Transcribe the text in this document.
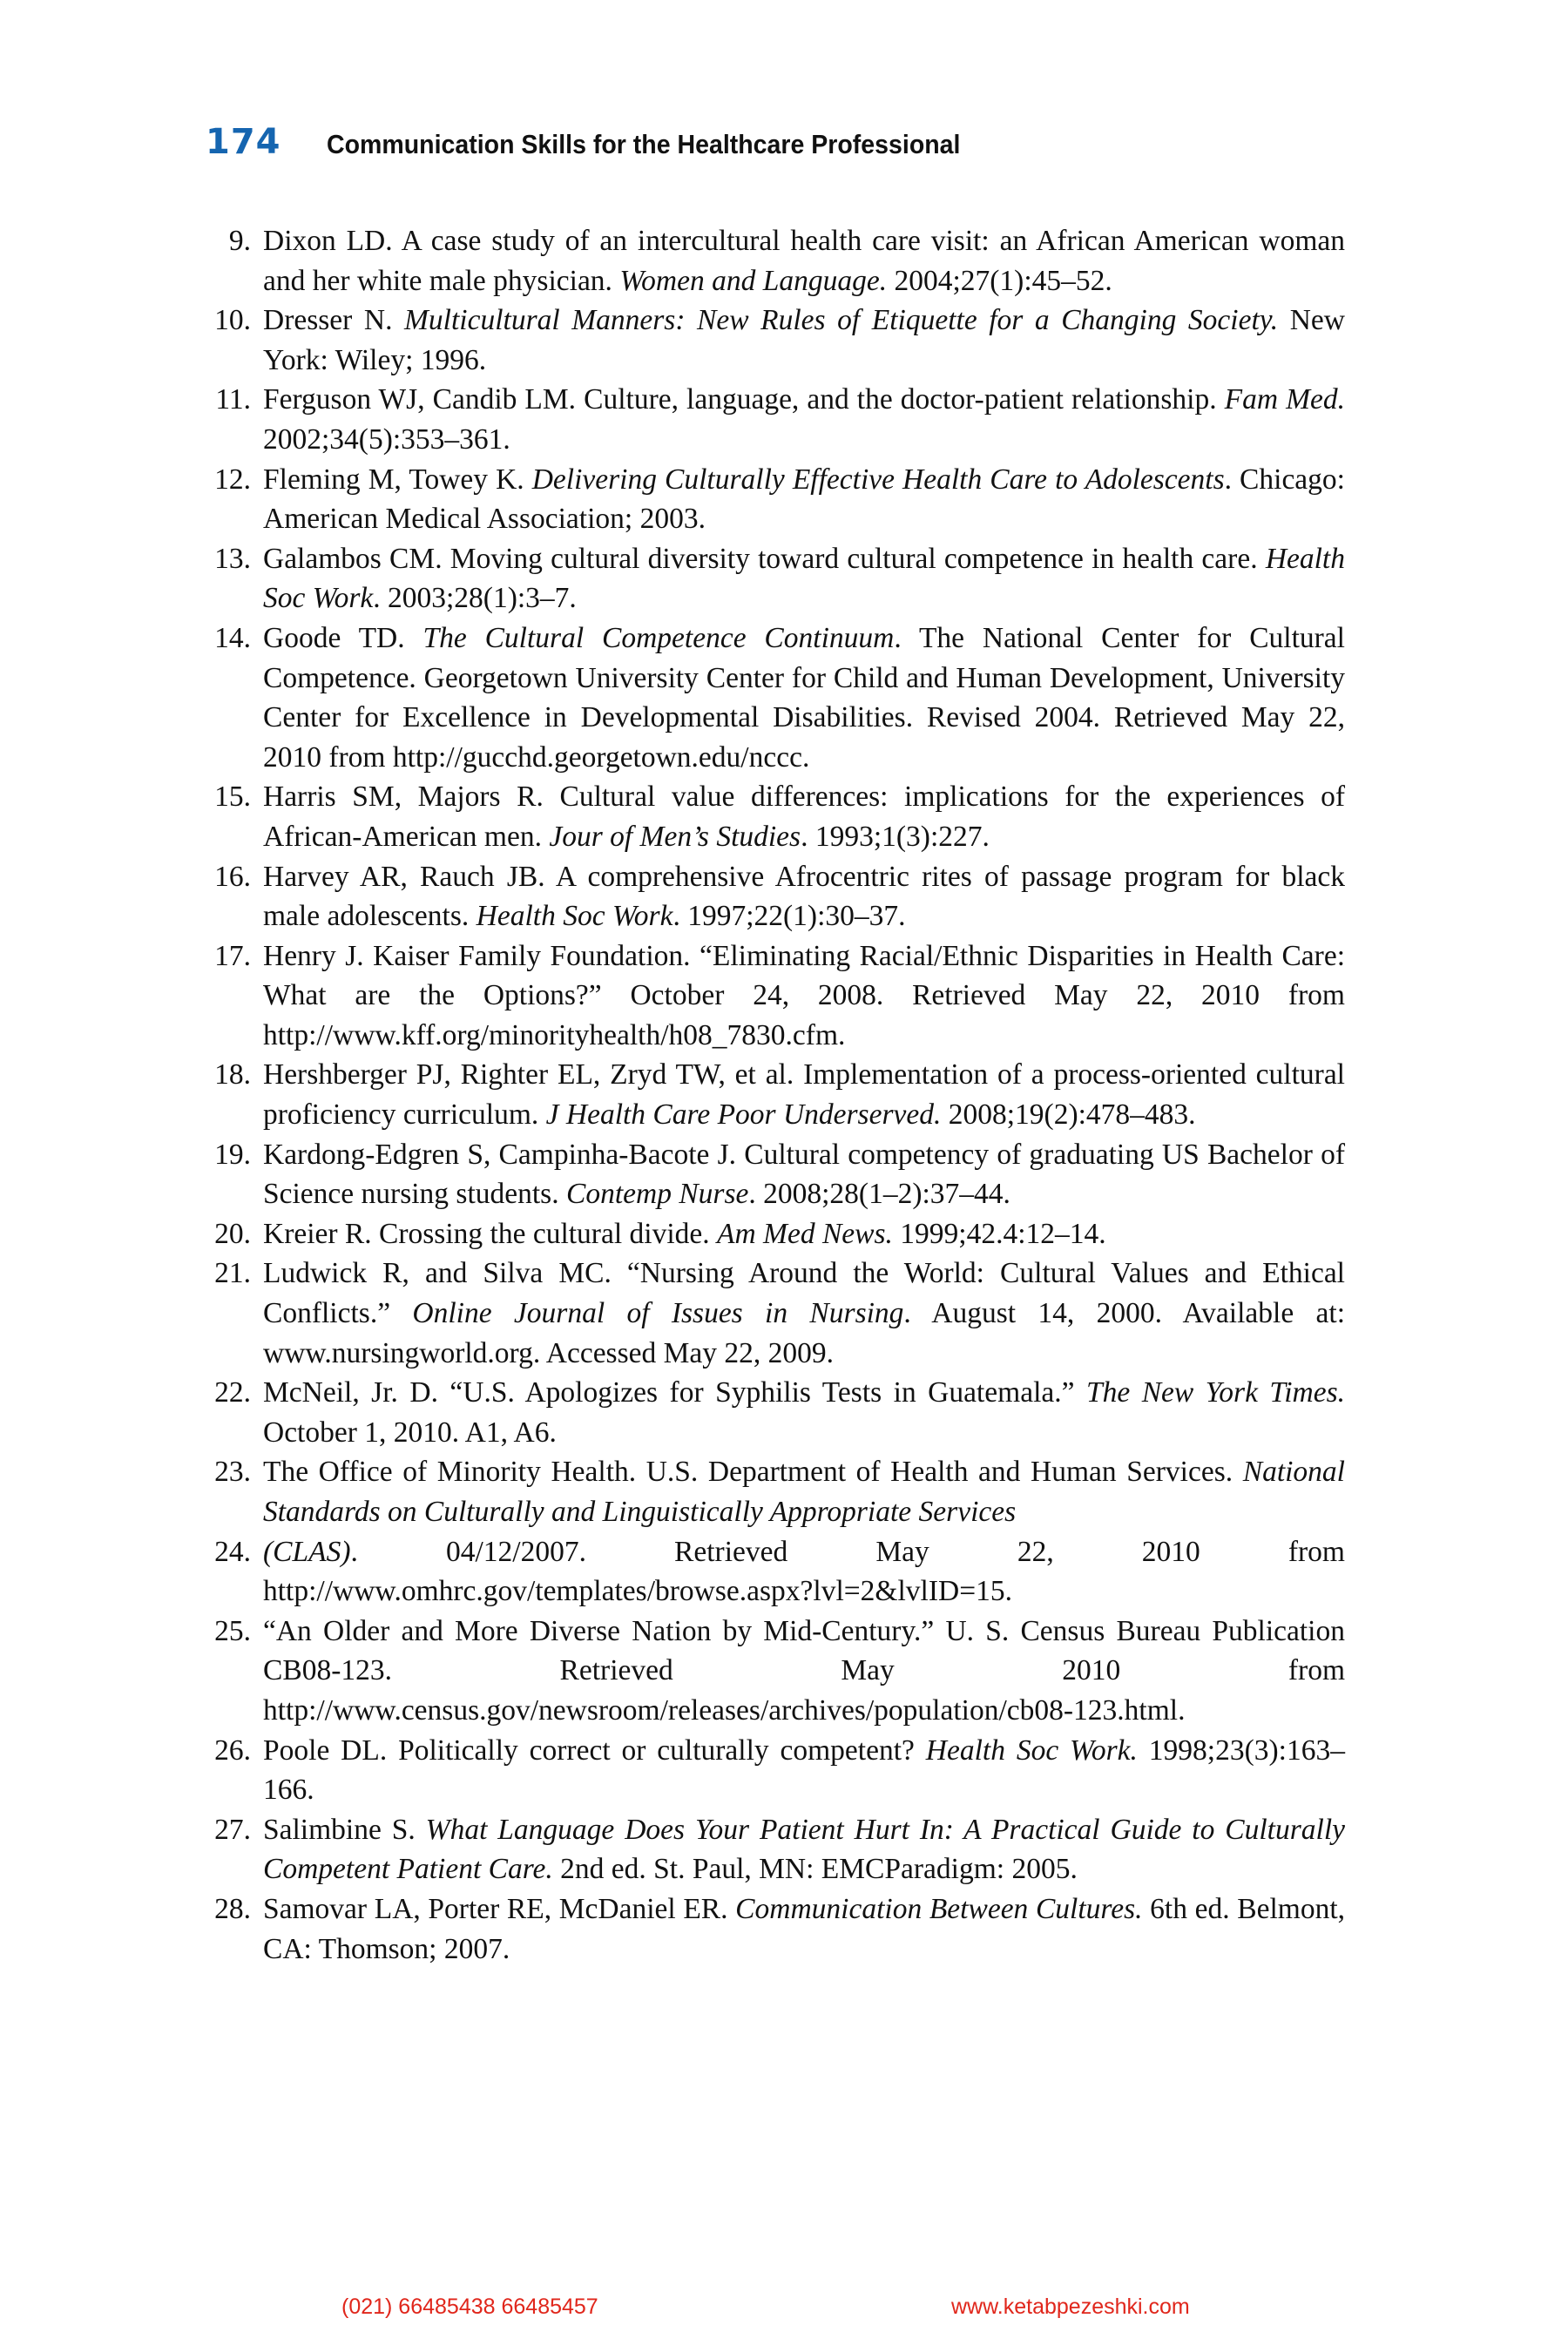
174 Communication Skills for the Healthcare Professional
9. Dixon LD. A case study of an intercultural health care visit: an African American woman and her white male physician. Women and Language. 2004;27(1):45–52.
10. Dresser N. Multicultural Manners: New Rules of Etiquette for a Changing Society. New York: Wiley; 1996.
11. Ferguson WJ, Candib LM. Culture, language, and the doctor-patient relationship. Fam Med. 2002;34(5):353–361.
12. Fleming M, Towey K. Delivering Culturally Effective Health Care to Adolescents. Chicago: American Medical Association; 2003.
13. Galambos CM. Moving cultural diversity toward cultural competence in health care. Health Soc Work. 2003;28(1):3–7.
14. Goode TD. The Cultural Competence Continuum. The National Center for Cultural Competence. Georgetown University Center for Child and Human Development, University Center for Excellence in Developmental Disabilities. Revised 2004. Retrieved May 22, 2010 from http://gucchd.georgetown.edu/nccc.
15. Harris SM, Majors R. Cultural value differences: implications for the experiences of African-American men. Jour of Men’s Studies. 1993;1(3):227.
16. Harvey AR, Rauch JB. A comprehensive Afrocentric rites of passage program for black male adolescents. Health Soc Work. 1997;22(1):30–37.
17. Henry J. Kaiser Family Foundation. “Eliminating Racial/Ethnic Disparities in Health Care: What are the Options?” October 24, 2008. Retrieved May 22, 2010 from http://www.kff.org/minorityhealth/h08_7830.cfm.
18. Hershberger PJ, Righter EL, Zryd TW, et al. Implementation of a process-oriented cultural proficiency curriculum. J Health Care Poor Underserved. 2008;19(2):478–483.
19. Kardong-Edgren S, Campinha-Bacote J. Cultural competency of graduating US Bachelor of Science nursing students. Contemp Nurse. 2008;28(1–2):37–44.
20. Kreier R. Crossing the cultural divide. Am Med News. 1999;42.4:12–14.
21. Ludwick R, and Silva MC. “Nursing Around the World: Cultural Values and Ethical Conflicts.” Online Journal of Issues in Nursing. August 14, 2000. Available at: www.nursingworld.org. Accessed May 22, 2009.
22. McNeil, Jr. D. “U.S. Apologizes for Syphilis Tests in Guatemala.” The New York Times. October 1, 2010. A1, A6.
23. The Office of Minority Health. U.S. Department of Health and Human Services. National Standards on Culturally and Linguistically Appropriate Services
24. (CLAS). 04/12/2007. Retrieved May 22, 2010 from http://www.omhrc.gov/templates/browse.aspx?lvl=2&lvlID=15.
25. “An Older and More Diverse Nation by Mid-Century.” U. S. Census Bureau Publication CB08-123. Retrieved May 2010 from http://www.census.gov/newsroom/releases/archives/population/cb08-123.html.
26. Poole DL. Politically correct or culturally competent? Health Soc Work. 1998;23(3):163–166.
27. Salimbine S. What Language Does Your Patient Hurt In: A Practical Guide to Culturally Competent Patient Care. 2nd ed. St. Paul, MN: EMCParadigm: 2005.
28. Samovar LA, Porter RE, McDaniel ER. Communication Between Cultures. 6th ed. Belmont, CA: Thomson; 2007.
(021) 66485438 66485457	www.ketabpezeshki.com
